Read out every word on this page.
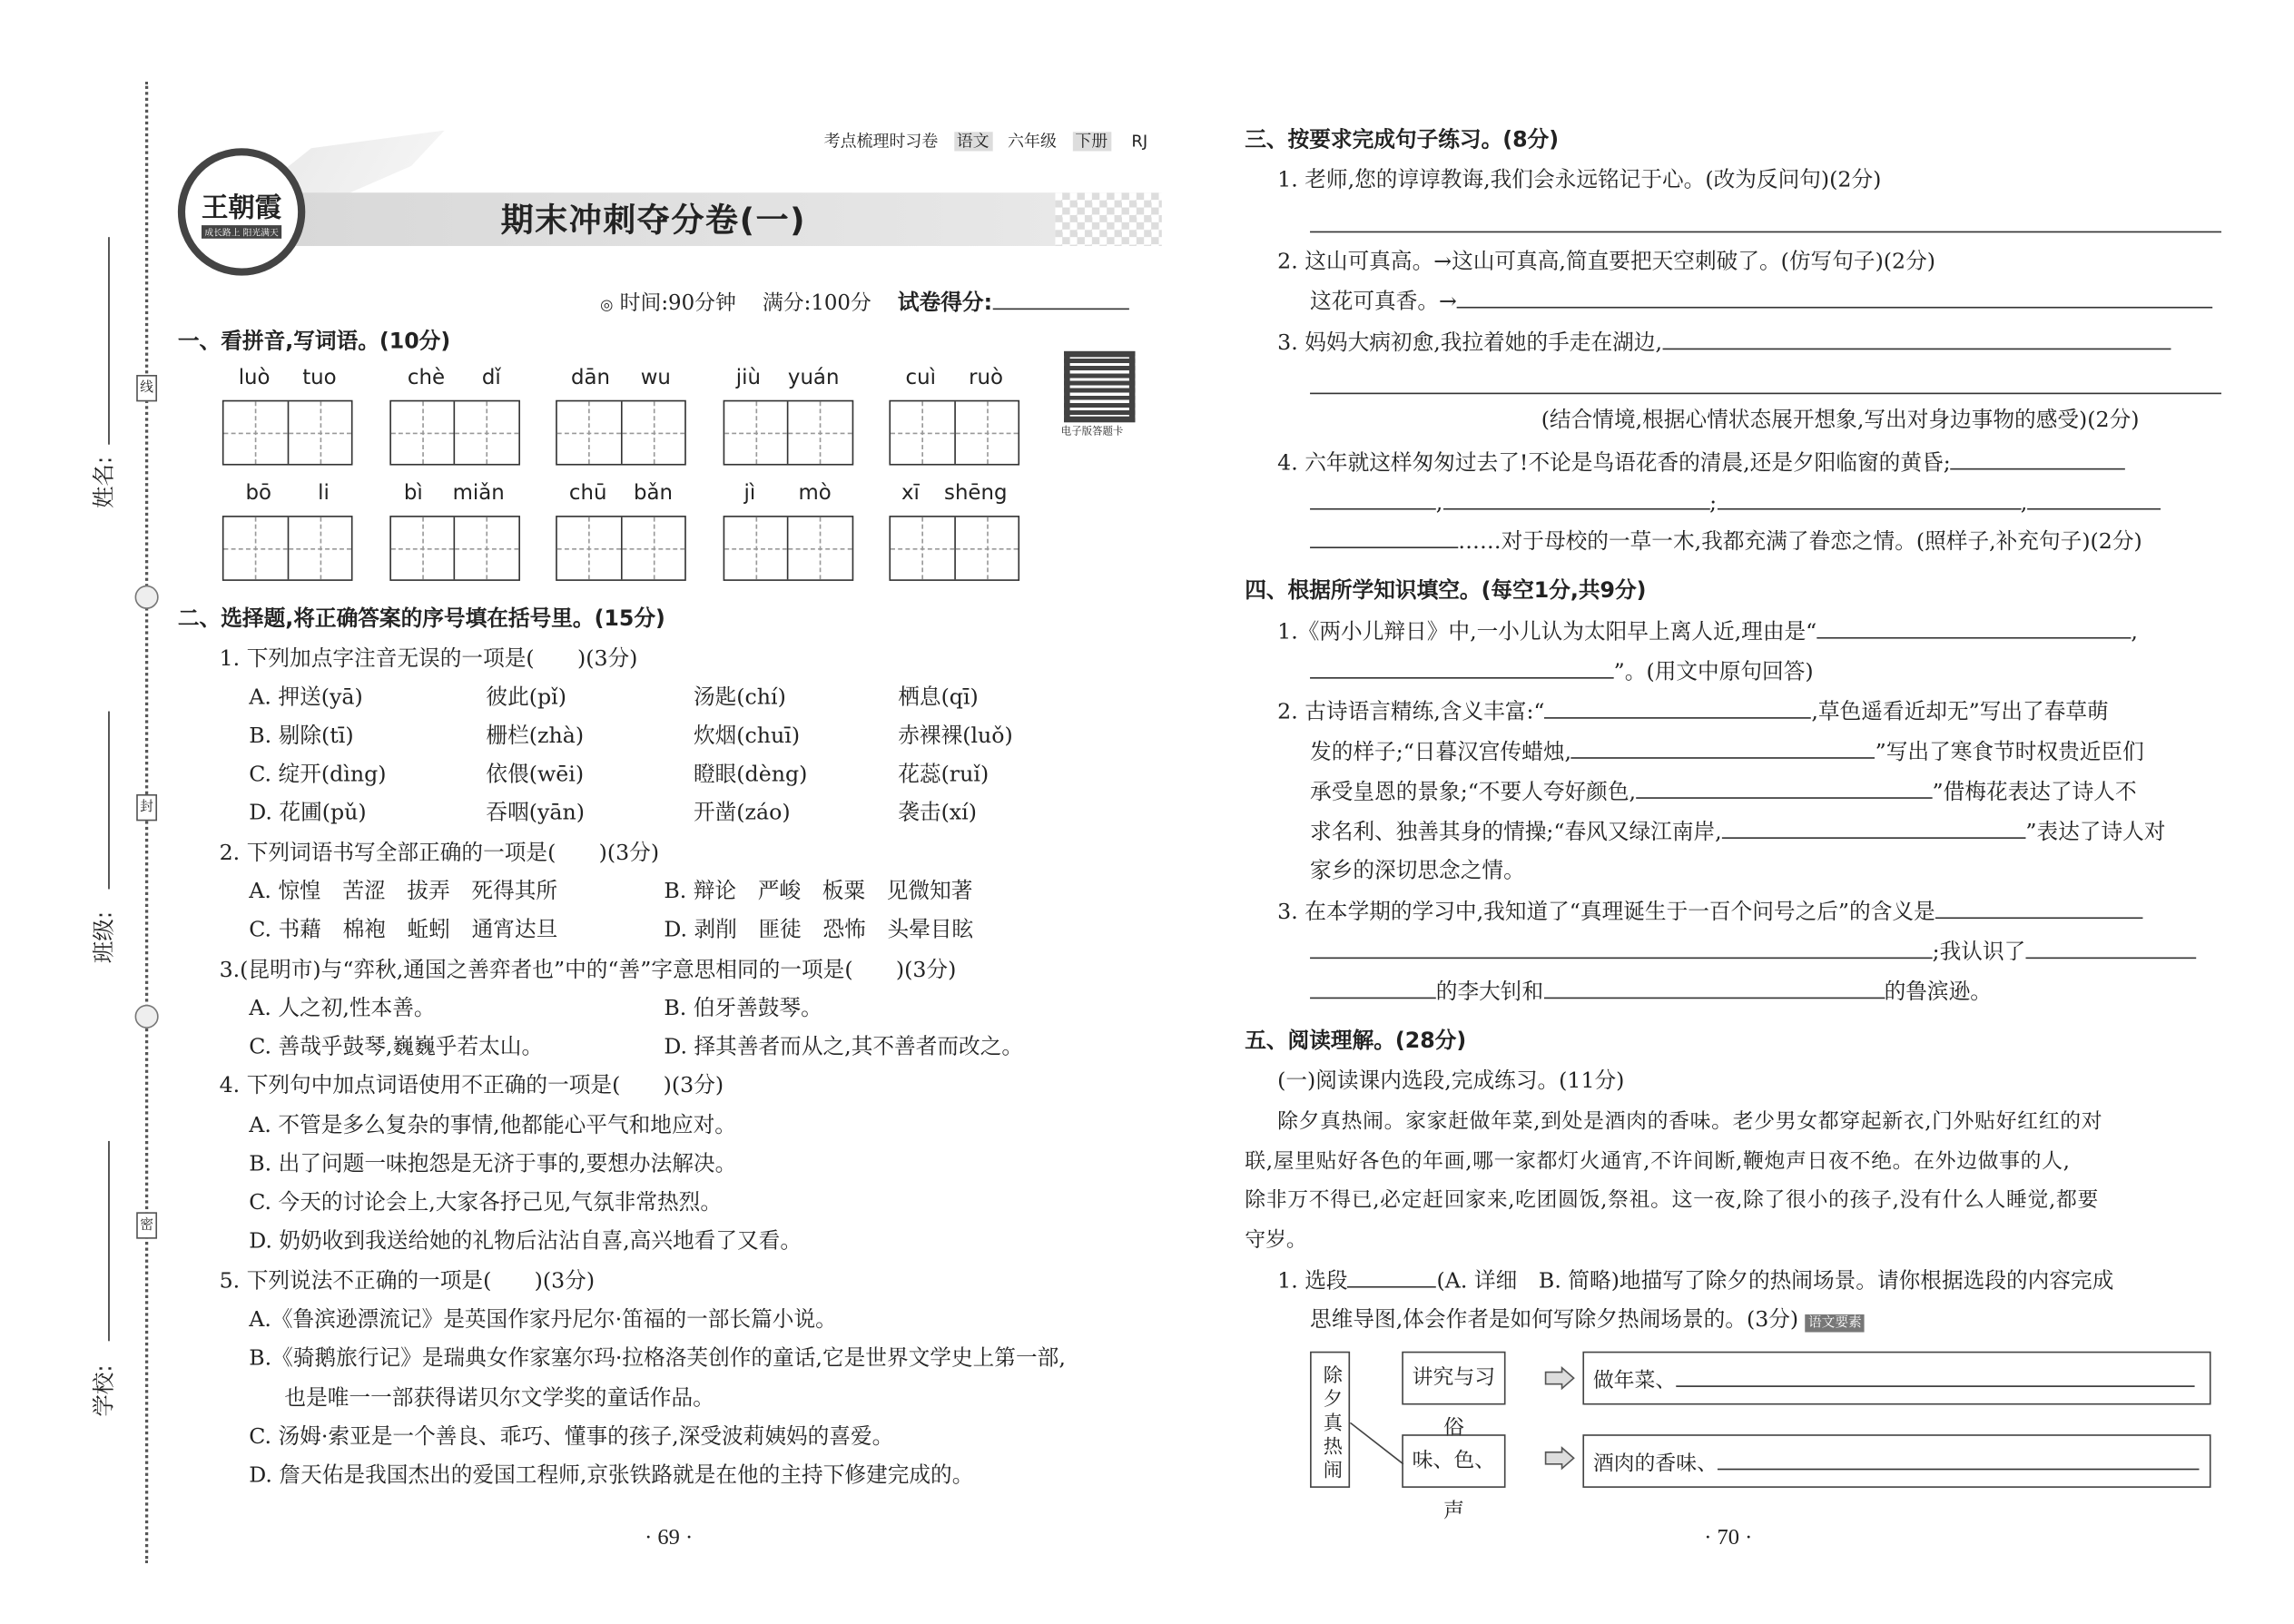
姓名:
班级:
学校:
线
封
密
考点梳理时习卷 语文 六年级 下册 RJ
王朝霞
成长路上 阳光满天	期末冲刺夺分卷(一)
◎ 时间:90分钟 满分:100分 试卷得分:
电子版答题卡
一、看拼音,写词语。(10分)
luò	tuo	chè	dǐ	dān wu	jiù yuán	cuì	ruò
bō	li	bì miǎn	chū bǎn	jì	mò	xī shēng
二、选择题,将正确答案的序号填在括号里。(15分)
1. 下列加点字注音无误的一项是(　　)(3分)
A. 押送(yā)	彼此(pǐ)	汤匙(chí)	栖息(qī)
B. 剔除(tī)	栅栏(zhà)	炊烟(chuī)	赤裸裸(luǒ)
C. 绽开(dìng)	依偎(wēi)	瞪眼(dèng)	花蕊(ruǐ)
D. 花圃(pǔ)	吞咽(yān)	开凿(záo)	袭击(xí)
2. 下列词语书写全部正确的一项是(　　)(3分)
A. 惊惶　苦涩　拔弄　死得其所	B. 辩论　严峻　板粟　见微知著
C. 书藉　棉袍　蚯蚓　通宵达旦	D. 剥削　匪徒　恐怖　头晕目眩
3.(昆明市)与“弈秋,通国之善弈者也”中的“善”字意思相同的一项是(　　)(3分)
A. 人之初,性本善。	B. 伯牙善鼓琴。
C. 善哉乎鼓琴,巍巍乎若太山。	D. 择其善者而从之,其不善者而改之。
4. 下列句中加点词语使用不正确的一项是(　　)(3分)
A. 不管是多么复杂的事情,他都能心平气和地应对。
B. 出了问题一味抱怨是无济于事的,要想办法解决。
C. 今天的讨论会上,大家各抒己见,气氛非常热烈。
D. 奶奶收到我送给她的礼物后沾沾自喜,高兴地看了又看。
5. 下列说法不正确的一项是(　　)(3分)
A.《鲁滨逊漂流记》是英国作家丹尼尔·笛福的一部长篇小说。
B.《骑鹅旅行记》是瑞典女作家塞尔玛·拉格洛芙创作的童话,它是世界文学史上第一部,
也是唯一一部获得诺贝尔文学奖的童话作品。
C. 汤姆·索亚是一个善良、乖巧、懂事的孩子,深受波莉姨妈的喜爱。
D. 詹天佑是我国杰出的爱国工程师,京张铁路就是在他的主持下修建完成的。
· 69 ·
三、按要求完成句子练习。(8分)
1. 老师,您的谆谆教诲,我们会永远铭记于心。(改为反问句)(2分)
2. 这山可真高。→这山可真高,简直要把天空刺破了。(仿写句子)(2分)
这花可真香。→
3. 妈妈大病初愈,我拉着她的手走在湖边,
(结合情境,根据心情状态展开想象,写出对身边事物的感受)(2分)
4. 六年就这样匆匆过去了!不论是鸟语花香的清晨,还是夕阳临窗的黄昏;
,	;	,
……对于母校的一草一木,我都充满了眷恋之情。(照样子,补充句子)(2分)
四、根据所学知识填空。(每空1分,共9分)
1.《两小儿辩日》中,一小儿认为太阳早上离人近,理由是“	,
”。(用文中原句回答)
2. 古诗语言精练,含义丰富:“	,草色遥看近却无”写出了春草萌
发的样子;“日暮汉宫传蜡烛,	”写出了寒食节时权贵近臣们
承受皇恩的景象;“不要人夸好颜色,	”借梅花表达了诗人不
求名利、独善其身的情操;“春风又绿江南岸,	”表达了诗人对
家乡的深切思念之情。
3. 在本学期的学习中,我知道了“真理诞生于一百个问号之后”的含义是
;我认识了
的李大钊和	的鲁滨逊。
五、阅读理解。(28分)
(一)阅读课内选段,完成练习。(11分)
除夕真热闹。家家赶做年菜,到处是酒肉的香味。老少男女都穿起新衣,门外贴好红红的对
联,屋里贴好各色的年画,哪一家都灯火通宵,不许间断,鞭炮声日夜不绝。在外边做事的人,
除非万不得已,必定赶回家来,吃团圆饭,祭祖。这一夜,除了很小的孩子,没有什么人睡觉,都要
守岁。
1. 选段	(A. 详细　B. 简略)地描写了除夕的热闹场景。请你根据选段的内容完成
思维导图,体会作者是如何写除夕热闹场景的。(3分) 语文要素
除夕真热闹	讲究与习俗
味、色、声
做年菜、
酒肉的香味、
· 70 ·
